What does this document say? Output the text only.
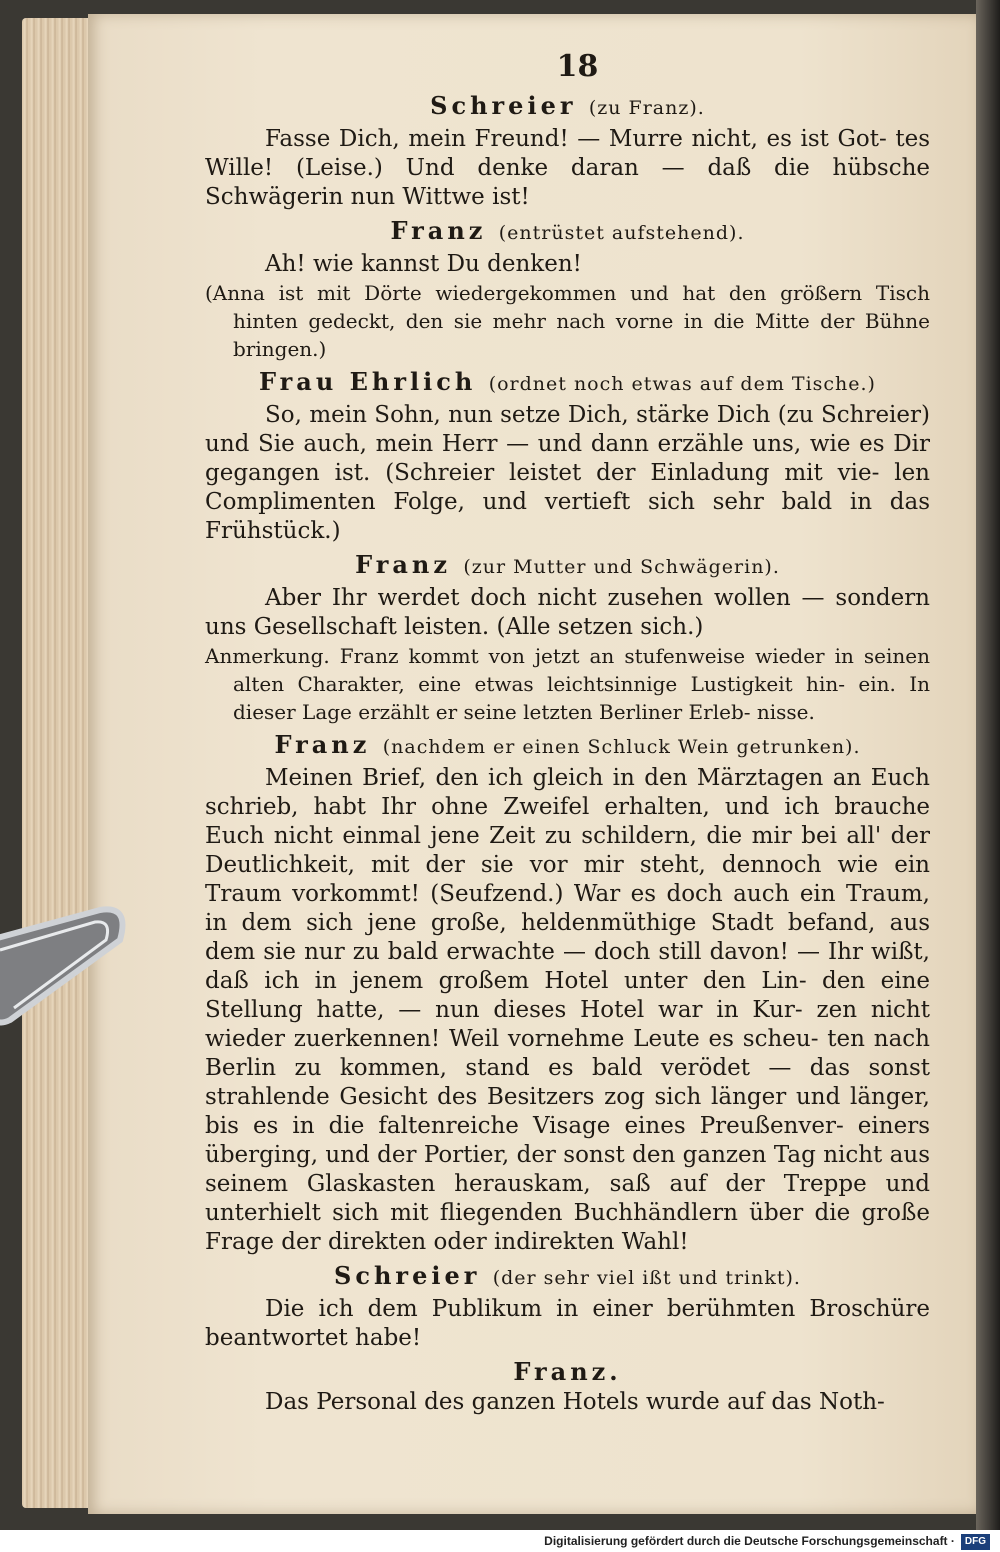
18
Schreier (zu Franz).

Fasse Dich, mein Freund! — Murre nicht, es ist Got- tes Wille! (Leise.) Und denke daran — daß die hübsche Schwägerin nun Wittwe ist!

Franz (entrüstet aufstehend).

Ah! wie kannst Du denken!

(Anna ist mit Dörte wiedergekommen und hat den größern Tisch hinten gedeckt, den sie mehr nach vorne in die Mitte der Bühne bringen.)

Frau Ehrlich (ordnet noch etwas auf dem Tische.)

So, mein Sohn, nun setze Dich, stärke Dich (zu Schreier) und Sie auch, mein Herr — und dann erzähle uns, wie es Dir gegangen ist. (Schreier leistet der Einladung mit vie- len Complimenten Folge, und vertieft sich sehr bald in das Frühstück.)

Franz (zur Mutter und Schwägerin).

Aber Ihr werdet doch nicht zusehen wollen — sondern uns Gesellschaft leisten. (Alle setzen sich.)

Anmerkung. Franz kommt von jetzt an stufenweise wieder in seinen alten Charakter, eine etwas leichtsinnige Lustigkeit hin- ein. In dieser Lage erzählt er seine letzten Berliner Erleb- nisse.

Franz (nachdem er einen Schluck Wein getrunken).

Meinen Brief, den ich gleich in den Märztagen an Euch schrieb, habt Ihr ohne Zweifel erhalten, und ich brauche Euch nicht einmal jene Zeit zu schildern, die mir bei all' der Deutlichkeit, mit der sie vor mir steht, dennoch wie ein Traum vorkommt! (Seufzend.) War es doch auch ein Traum, in dem sich jene große, heldenmüthige Stadt befand, aus dem sie nur zu bald erwachte — doch still davon! — Ihr wißt, daß ich in jenem großem Hotel unter den Lin- den eine Stellung hatte, — nun dieses Hotel war in Kur- zen nicht wieder zuerkennen! Weil vornehme Leute es scheu- ten nach Berlin zu kommen, stand es bald verödet — das sonst strahlende Gesicht des Besitzers zog sich länger und länger, bis es in die faltenreiche Visage eines Preußenver- einers überging, und der Portier, der sonst den ganzen Tag nicht aus seinem Glaskasten herauskam, saß auf der Treppe und unterhielt sich mit fliegenden Buchhändlern über die große Frage der direkten oder indirekten Wahl!

Schreier (der sehr viel ißt und trinkt).

Die ich dem Publikum in einer berühmten Broschüre beantwortet habe!

Franz.

Das Personal des ganzen Hotels wurde auf das Noth-

Digitalisierung gefördert durch die Deutsche Forschungsgemeinschaft · DFG
